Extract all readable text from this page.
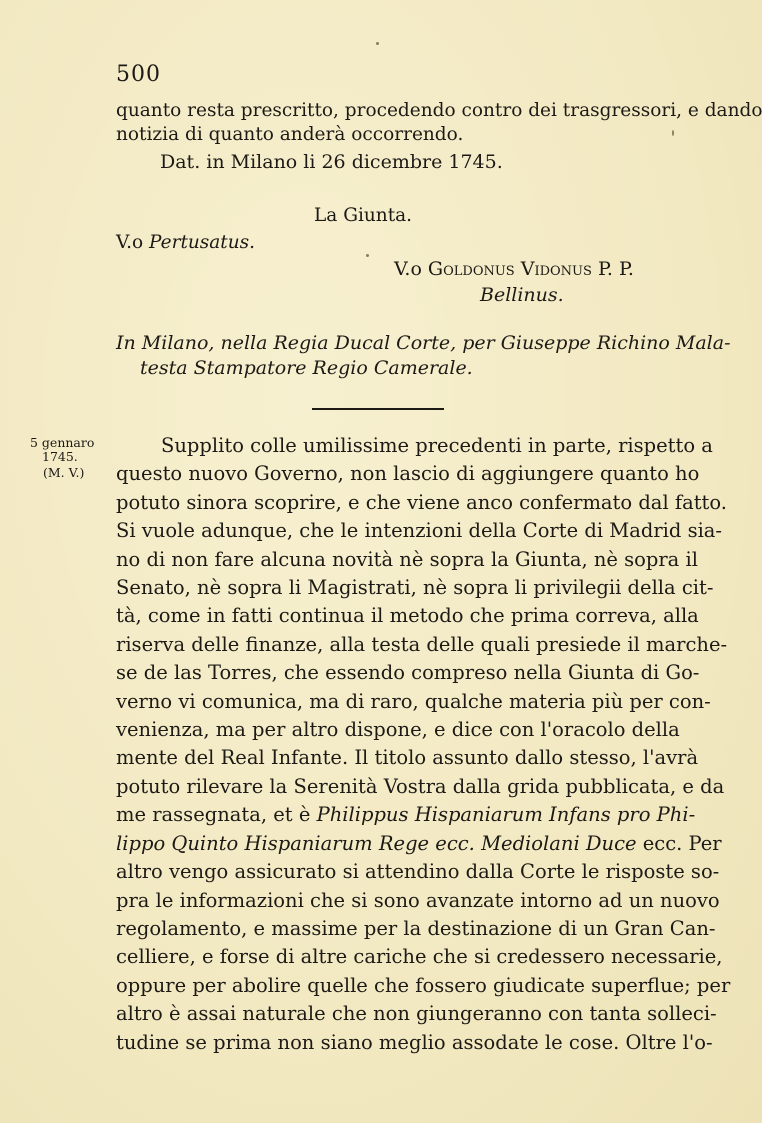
500
quanto resta prescritto, procedendo contro dei trasgressori, e dando
notizia di quanto anderà occorrendo.
Dat. in Milano li 26 dicembre 1745.
La Giunta.
V.o Pertusatus.
V.o Goldonus Vidonus P. P.
Bellinus.
In Milano, nella Regia Ducal Corte, per Giuseppe Richino Mala-
testa Stampatore Regio Camerale.
5 gennaro
1745.
(M. V.)
Supplito colle umilissime precedenti in parte, rispetto a
questo nuovo Governo, non lascio di aggiungere quanto ho
potuto sinora scoprire, e che viene anco confermato dal fatto.
Si vuole adunque, che le intenzioni della Corte di Madrid sia-
no di non fare alcuna novità nè sopra la Giunta, nè sopra il
Senato, nè sopra li Magistrati, nè sopra li privilegii della cit-
tà, come in fatti continua il metodo che prima correva, alla
riserva delle finanze, alla testa delle quali presiede il marche-
se de las Torres, che essendo compreso nella Giunta di Go-
verno vi comunica, ma di raro, qualche materia più per con-
venienza, ma per altro dispone, e dice con l'oracolo della
mente del Real Infante. Il titolo assunto dallo stesso, l'avrà
potuto rilevare la Serenità Vostra dalla grida pubblicata, e da
me rassegnata, et è Philippus Hispaniarum Infans pro Phi-
lippo Quinto Hispaniarum Rege ecc. Mediolani Duce ecc. Per
altro vengo assicurato si attendino dalla Corte le risposte so-
pra le informazioni che si sono avanzate intorno ad un nuovo
regolamento, e massime per la destinazione di un Gran Can-
celliere, e forse di altre cariche che si credessero necessarie,
oppure per abolire quelle che fossero giudicate superflue; per
altro è assai naturale che non giungeranno con tanta solleci-
tudine se prima non siano meglio assodate le cose. Oltre l'o-
